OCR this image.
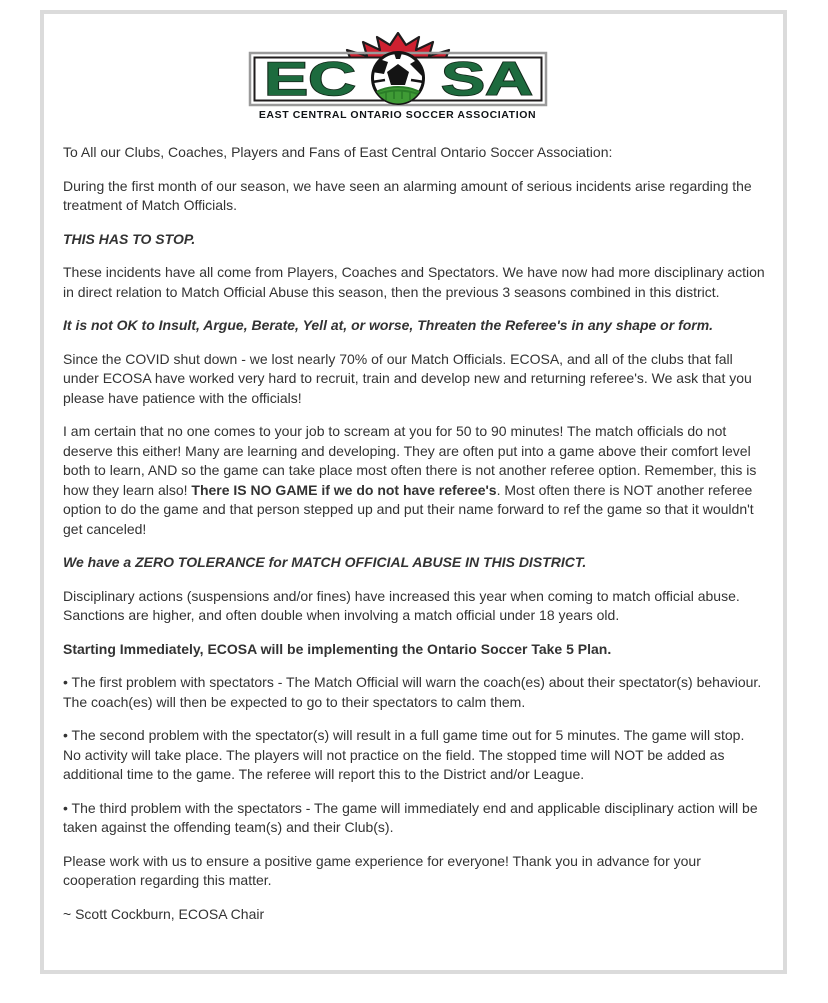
EC SA
EAST CENTRAL ONTARIO SOCCER ASSOCIATION

To All our Clubs, Coaches, Players and Fans of East Central Ontario Soccer Association:

During the first month of our season, we have seen an alarming amount of serious incidents arise regarding the treatment of Match Officials.

THIS HAS TO STOP.

These incidents have all come from Players, Coaches and Spectators. We have now had more disciplinary action in direct relation to Match Official Abuse this season, then the previous 3 seasons combined in this district.

It is not OK to Insult, Argue, Berate, Yell at, or worse, Threaten the Referee's in any shape or form.

Since the COVID shut down - we lost nearly 70% of our Match Officials. ECOSA, and all of the clubs that fall under ECOSA have worked very hard to recruit, train and develop new and returning referee's. We ask that you please have patience with the officials!

I am certain that no one comes to your job to scream at you for 50 to 90 minutes! The match officials do not deserve this either! Many are learning and developing. They are often put into a game above their comfort level both to learn, AND so the game can take place most often there is not another referee option. Remember, this is how they learn also! There IS NO GAME if we do not have referee's. Most often there is NOT another referee option to do the game and that person stepped up and put their name forward to ref the game so that it wouldn't get canceled!

We have a ZERO TOLERANCE for MATCH OFFICIAL ABUSE IN THIS DISTRICT.

Disciplinary actions (suspensions and/or fines) have increased this year when coming to match official abuse. Sanctions are higher, and often double when involving a match official under 18 years old.

Starting Immediately, ECOSA will be implementing the Ontario Soccer Take 5 Plan.

• The first problem with spectators - The Match Official will warn the coach(es) about their spectator(s) behaviour. The coach(es) will then be expected to go to their spectators to calm them.

• The second problem with the spectator(s) will result in a full game time out for 5 minutes. The game will stop. No activity will take place. The players will not practice on the field. The stopped time will NOT be added as additional time to the game. The referee will report this to the District and/or League.

• The third problem with the spectators - The game will immediately end and applicable disciplinary action will be taken against the offending team(s) and their Club(s).

Please work with us to ensure a positive game experience for everyone! Thank you in advance for your cooperation regarding this matter.

~ Scott Cockburn, ECOSA Chair
